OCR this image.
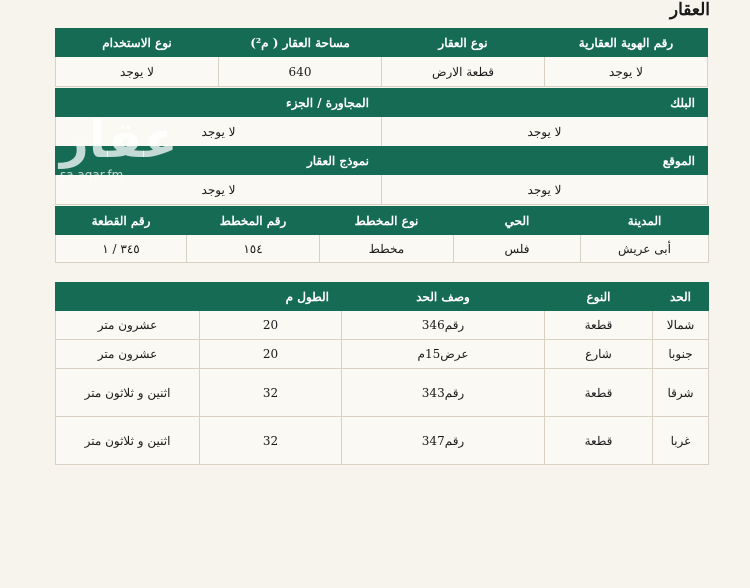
العقار
رقم الهوية العقارية	نوع العقار	مساحة العقار ( م²)	نوع الاستخدام
لا يوجد	قطعة الارض	640	لا يوجد
البلك	المجاورة / الجزء
لا يوجد	لا يوجد
الموقع	نموذج العقار
لا يوجد	لا يوجد
المدينة	الحي	نوع المخطط	رقم المخطط	رقم القطعة
أبى عريش	فلس	مخطط	١٥٤	٣٤٥ / ١
الحد	النوع	وصف الحد	الطول م	
شمالا	قطعة	رقم346	20	عشرون متر
جنوبا	شارع	عرض15م	20	عشرون متر
شرقا	قطعة	رقم343	32	اثنين و ثلاثون متر
غربا	قطعة	رقم347	32	اثنين و ثلاثون متر
عقار
sa.aqar.fm
